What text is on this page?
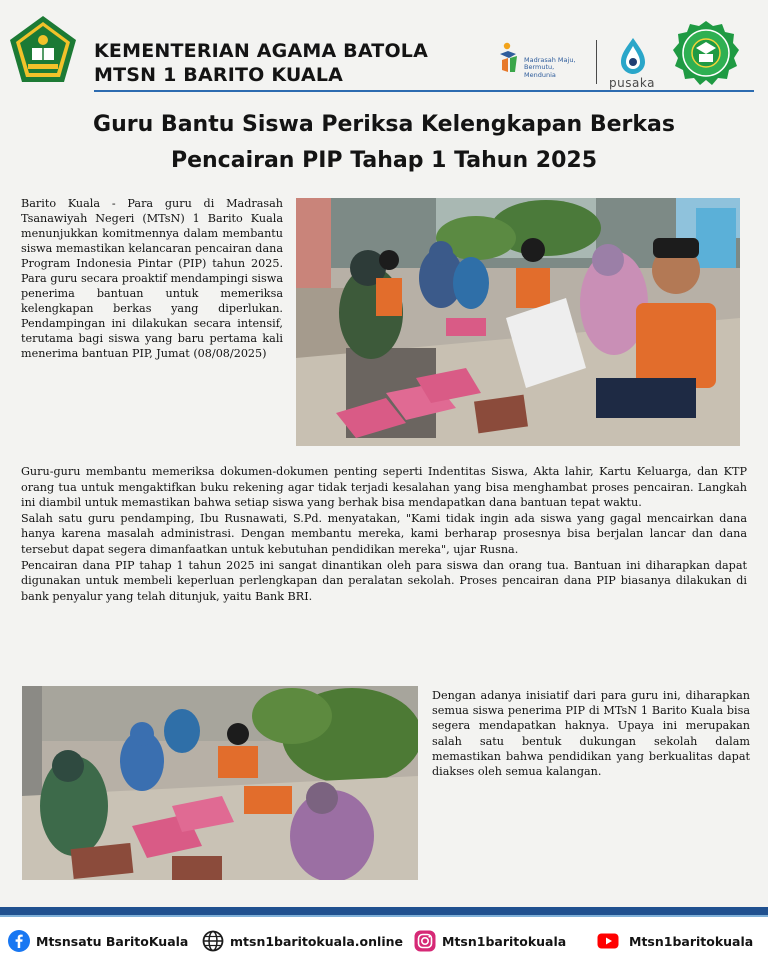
KEMENTERIAN AGAMA BATOLA
MTSN 1 BARITO KUALA
Madrasah Maju,
Bermutu,
Mendunia
pusaka
Guru Bantu Siswa Periksa Kelengkapan Berkas
Pencairan PIP Tahap 1 Tahun 2025
Barito Kuala - Para guru di Madrasah Tsanawiyah Negeri (MTsN) 1 Barito Kuala menunjukkan komitmennya dalam membantu siswa memastikan kelancaran pencairan dana Program Indonesia Pintar (PIP) tahun 2025. Para guru secara proaktif mendampingi siswa penerima bantuan untuk memeriksa kelengkapan berkas yang diperlukan. Pendampingan ini dilakukan secara intensif, terutama bagi siswa yang baru pertama kali menerima bantuan PIP, Jumat (08/08/2025)

Guru-guru membantu memeriksa dokumen-dokumen penting seperti Indentitas Siswa, Akta lahir, Kartu Keluarga, dan KTP orang tua untuk mengaktifkan buku rekening agar tidak terjadi kesalahan yang bisa menghambat proses pencairan. Langkah ini diambil untuk memastikan bahwa setiap siswa yang berhak bisa mendapatkan dana bantuan tepat waktu.

Salah satu guru pendamping, Ibu Rusnawati, S.Pd. menyatakan, "Kami tidak ingin ada siswa yang gagal mencairkan dana hanya karena masalah administrasi. Dengan membantu mereka, kami berharap prosesnya bisa berjalan lancar dan dana tersebut dapat segera dimanfaatkan untuk kebutuhan pendidikan mereka", ujar Rusna.

Pencairan dana PIP tahap 1 tahun 2025 ini sangat dinantikan oleh para siswa dan orang tua. Bantuan ini diharapkan dapat digunakan untuk membeli keperluan perlengkapan dan peralatan sekolah. Proses pencairan dana PIP biasanya dilakukan di bank penyalur yang telah ditunjuk, yaitu Bank BRI.

Dengan adanya inisiatif dari para guru ini, diharapkan semua siswa penerima PIP di MTsN 1 Barito Kuala bisa segera mendapatkan haknya. Upaya ini merupakan salah satu bentuk dukungan sekolah dalam memastikan bahwa pendidikan yang berkualitas dapat diakses oleh semua kalangan.
Mtsnsatu BaritoKuala	mtsn1baritokuala.online	Mtsn1baritokuala	Mtsn1baritokuala
